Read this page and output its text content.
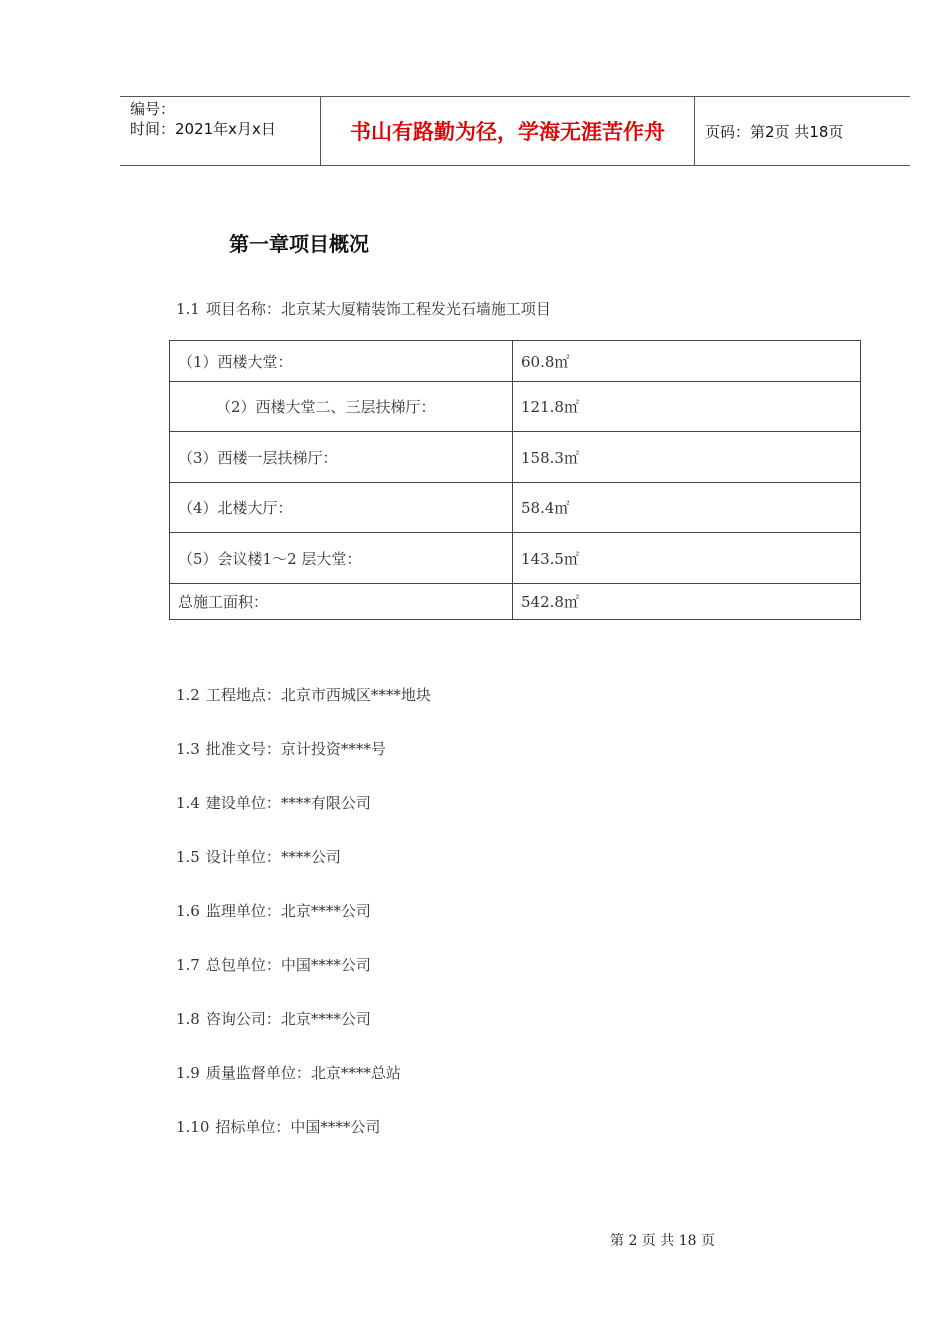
编号：
时间：2021年x月x日	书山有路勤为径，学海无涯苦作舟	页码：第2页 共18页
第一章项目概况
1.1 项目名称：北京某大厦精装饰工程发光石墙施工项目
（1）西楼大堂：	60.8㎡
（2）西楼大堂二、三层扶梯厅：	121.8㎡
（3）西楼一层扶梯厅：	158.3㎡
（4）北楼大厅：	58.4㎡
（5）会议楼1～2 层大堂：	143.5㎡
总施工面积：	542.8㎡
1.2 工程地点：北京市西城区****地块
1.3 批准文号：京计投资****号
1.4 建设单位：****有限公司
1.5 设计单位：****公司
1.6 监理单位：北京****公司
1.7 总包单位：中国****公司
1.8 咨询公司：北京****公司
1.9 质量监督单位：北京****总站
1.10 招标单位：中国****公司
第 2 页 共 18 页
